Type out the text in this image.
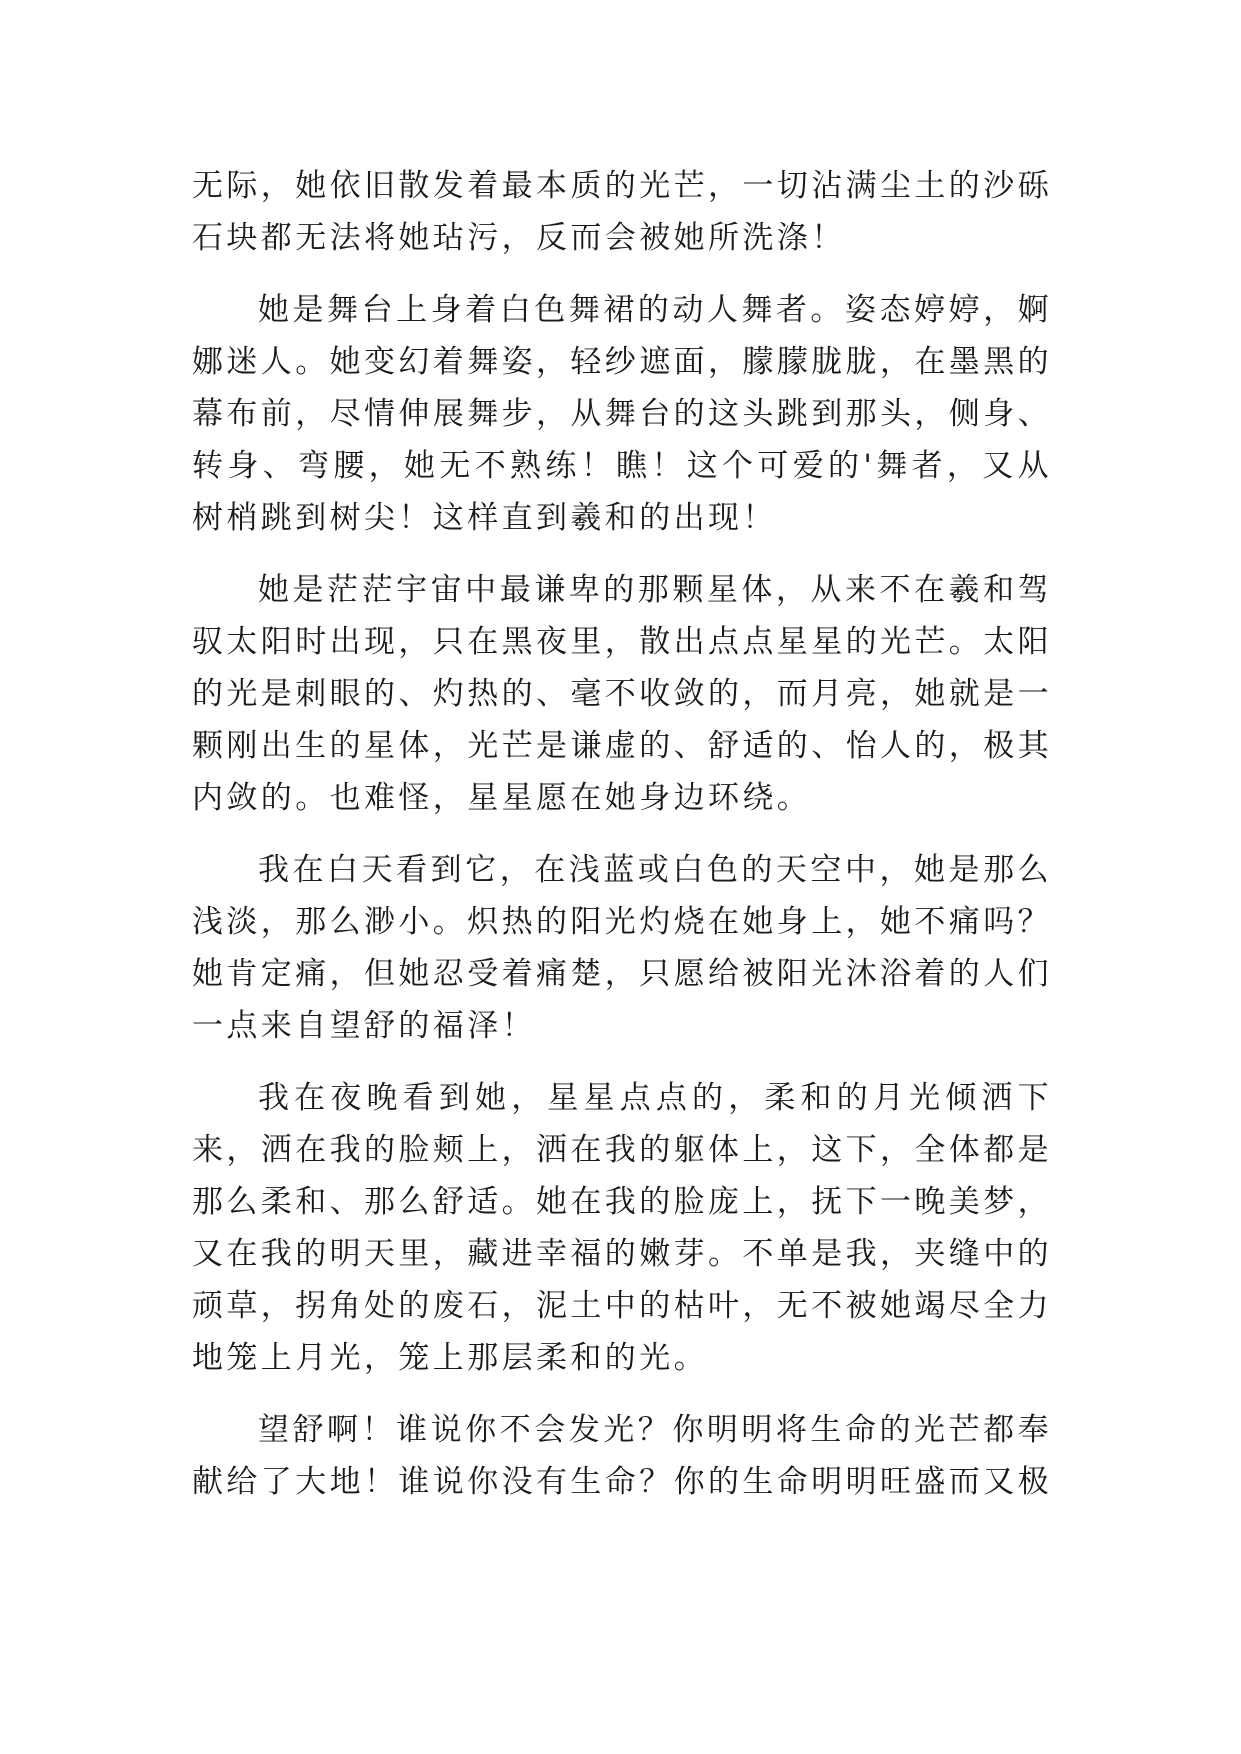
无际，她依旧散发着最本质的光芒，一切沾满尘土的沙砾石块都无法将她玷污，反而会被她所洗涤！

她是舞台上身着白色舞裙的动人舞者。姿态婷婷，婀娜迷人。她变幻着舞姿，轻纱遮面，朦朦胧胧，在墨黑的幕布前，尽情伸展舞步，从舞台的这头跳到那头，侧身、转身、弯腰，她无不熟练！瞧！这个可爱的'舞者，又从树梢跳到树尖！这样直到羲和的出现！

她是茫茫宇宙中最谦卑的那颗星体，从来不在羲和驾驭太阳时出现，只在黑夜里，散出点点星星的光芒。太阳的光是刺眼的、灼热的、毫不收敛的，而月亮，她就是一颗刚出生的星体，光芒是谦虚的、舒适的、怡人的，极其内敛的。也难怪，星星愿在她身边环绕。

我在白天看到它，在浅蓝或白色的天空中，她是那么浅淡，那么渺小。炽热的阳光灼烧在她身上，她不痛吗？她肯定痛，但她忍受着痛楚，只愿给被阳光沐浴着的人们一点来自望舒的福泽！

我在夜晚看到她，星星点点的，柔和的月光倾洒下来，洒在我的脸颊上，洒在我的躯体上，这下，全体都是那么柔和、那么舒适。她在我的脸庞上，抚下一晚美梦，又在我的明天里，藏进幸福的嫩芽。不单是我，夹缝中的顽草，拐角处的废石，泥土中的枯叶，无不被她竭尽全力地笼上月光，笼上那层柔和的光。

望舒啊！谁说你不会发光？你明明将生命的光芒都奉献给了大地！谁说你没有生命？你的生命明明旺盛而又极
